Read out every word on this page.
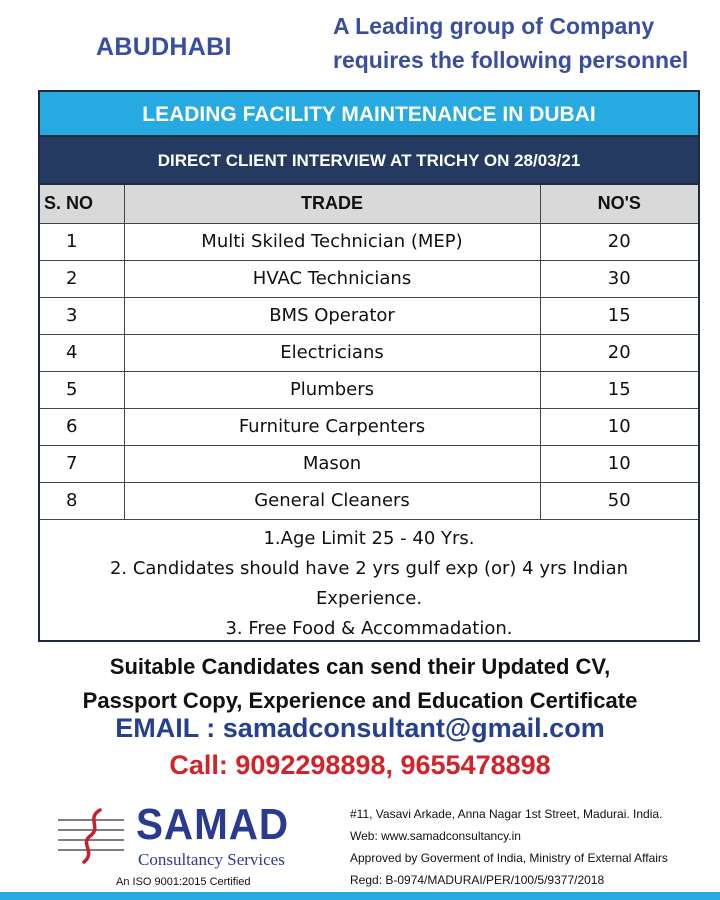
ABUDHABI
A Leading group of Company
requires the following personnel
LEADING FACILITY MAINTENANCE IN DUBAI
DIRECT CLIENT INTERVIEW AT TRICHY ON 28/03/21
S. NO	TRADE	NO'S
1	Multi Skiled Technician (MEP)	20
2	HVAC Technicians	30
3	BMS Operator	15
4	Electricians	20
5	Plumbers	15
6	Furniture Carpenters	10
7	Mason	10
8	General Cleaners	50
1.Age Limit 25 - 40 Yrs.
2. Candidates should have 2 yrs gulf exp (or) 4 yrs Indian
Experience.
3. Free Food & Accommadation.
Suitable Candidates can send their Updated CV,
Passport Copy, Experience and Education Certificate
EMAIL : samadconsultant@gmail.com
Call: 9092298898, 9655478898
SAMAD
Consultancy Services
An ISO 9001:2015 Certified
#11, Vasavi Arkade, Anna Nagar 1st Street, Madurai. India.
Web: www.samadconsultancy.in
Approved by Goverment of India, Ministry of External Affairs
Regd: B-0974/MADURAI/PER/100/5/9377/2018
